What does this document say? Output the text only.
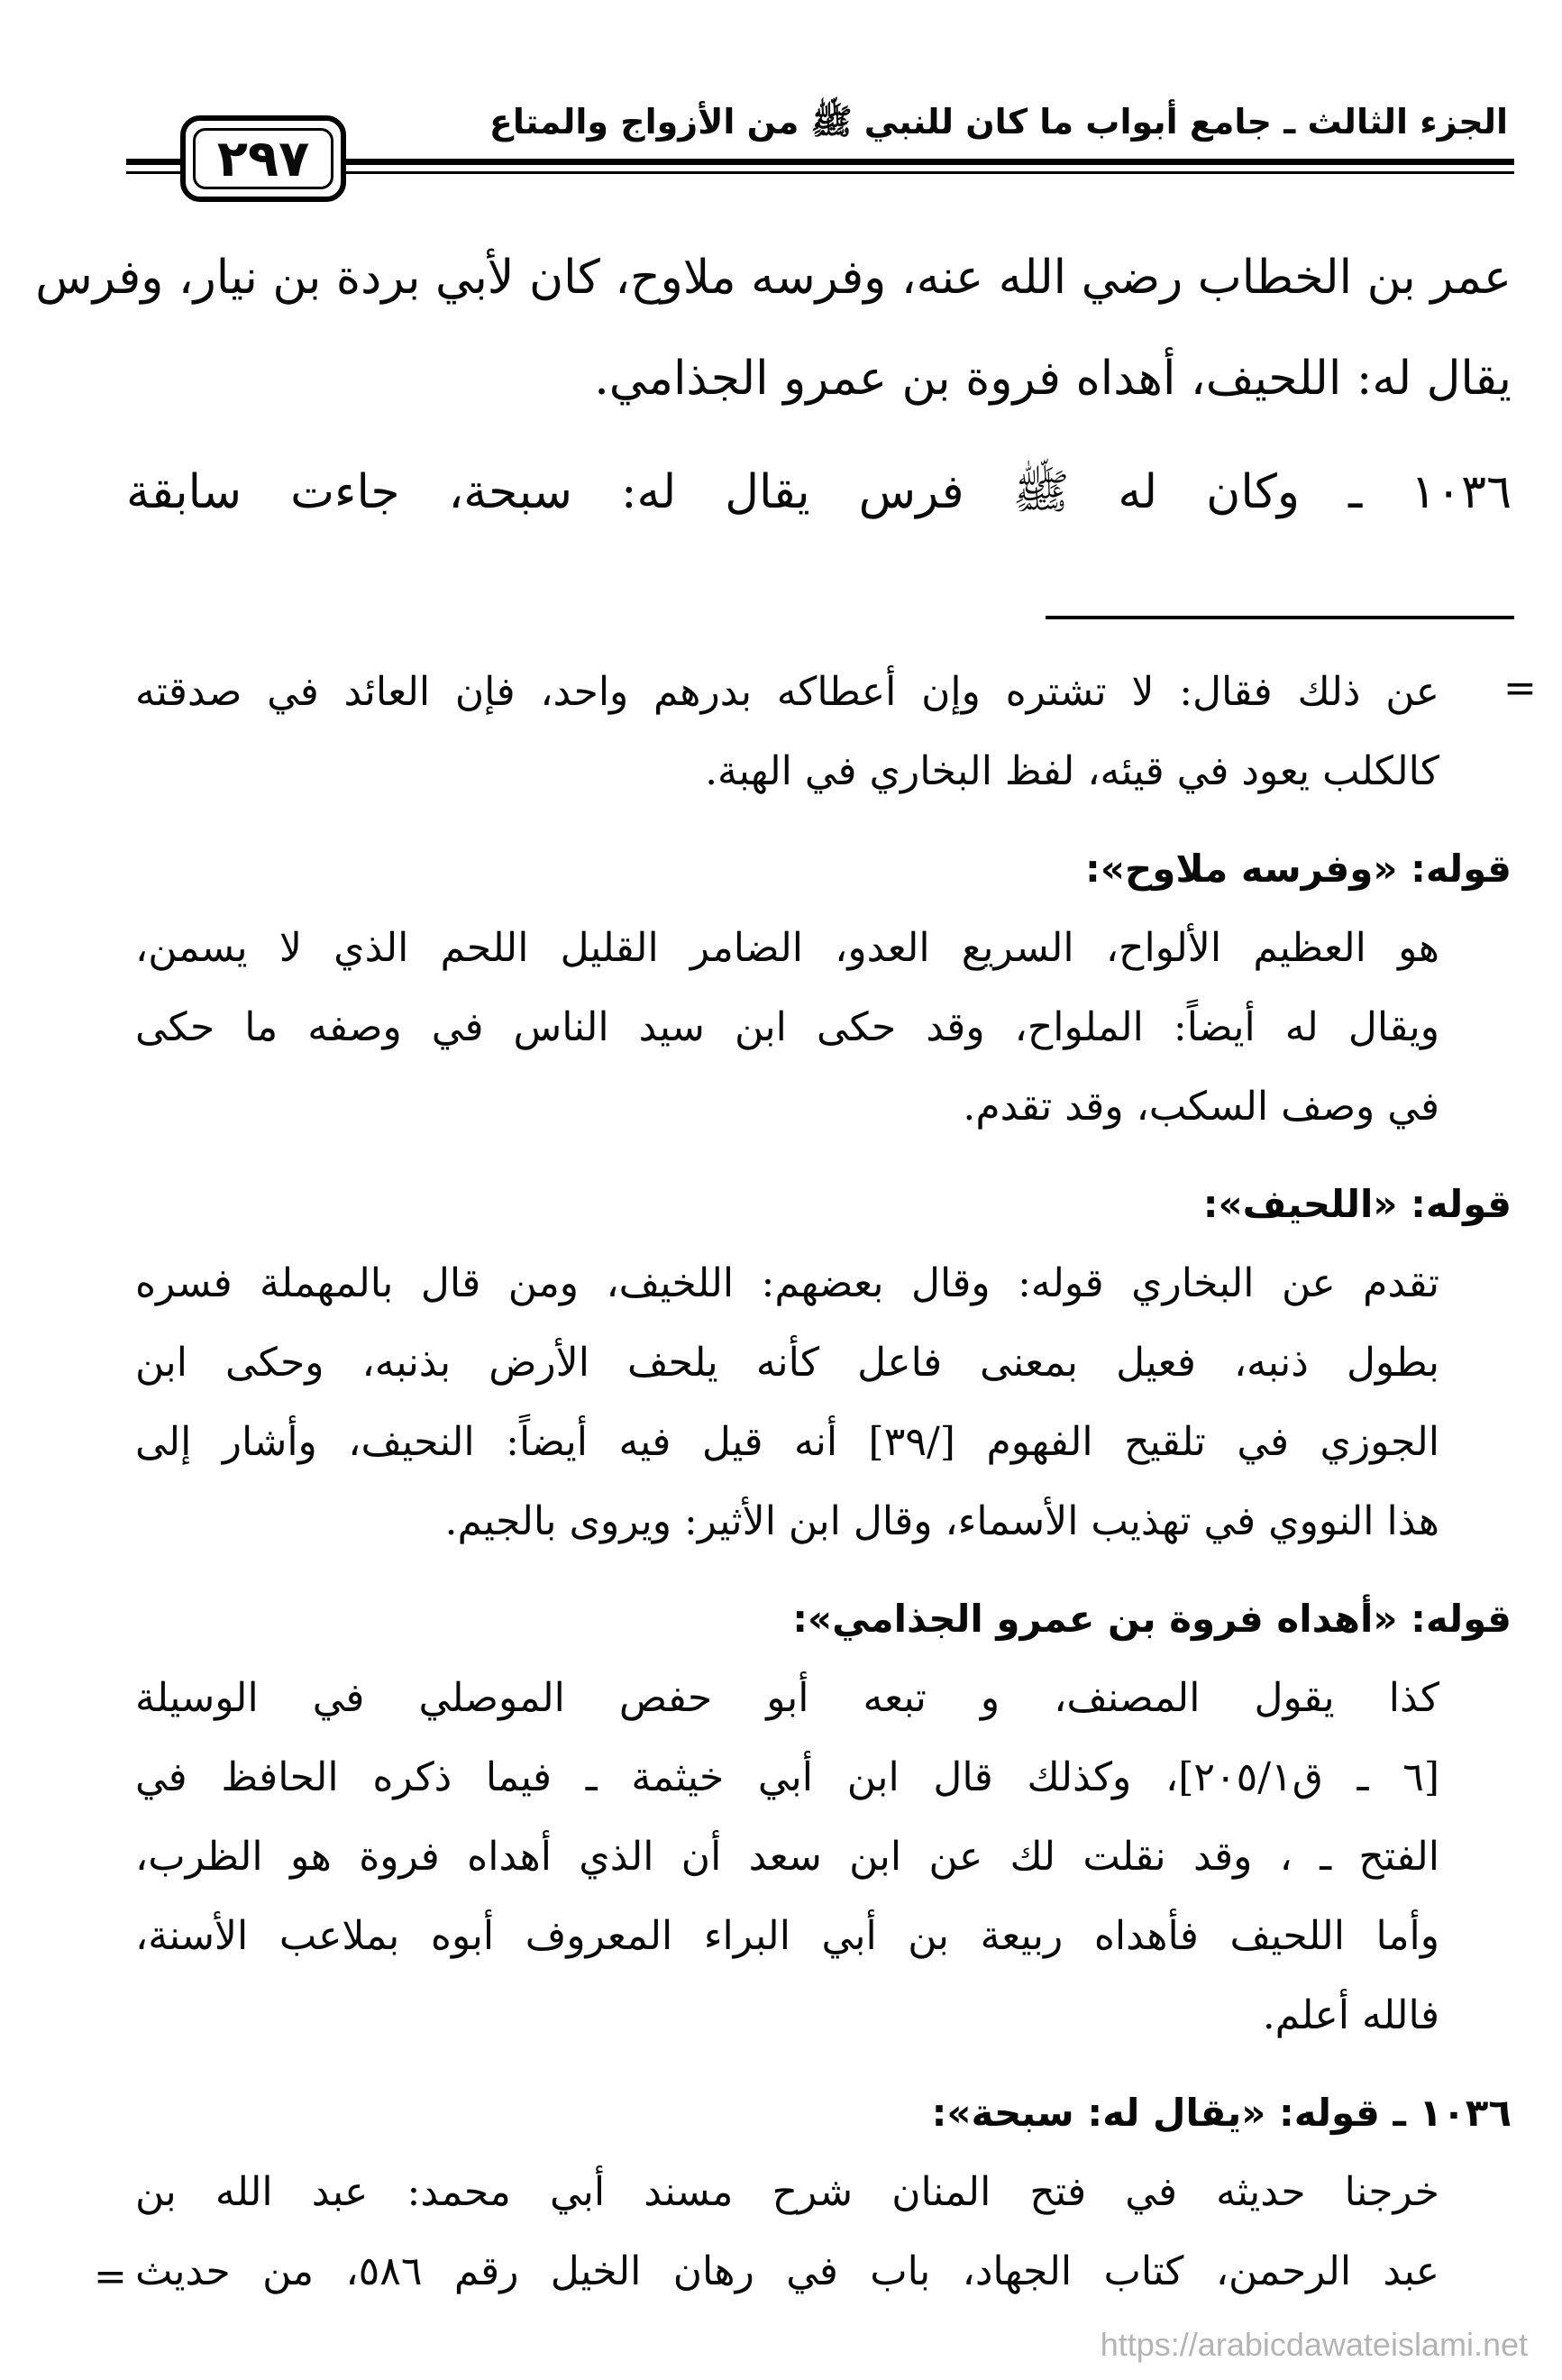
الجزء الثالث ـ جامع أبواب ما كان للنبي ﷺ من الأزواج والمتاع
٢٩٧
عمر بن الخطاب رضي الله عنه، وفرسه ملاوح، كان لأبي بردة بن نيار، وفرس
يقال له: اللحيف، أهداه فروة بن عمرو الجذامي.
١٠٣٦ ـ وكان له ﷺ فرس يقال له: سبحة، جاءت سابقة
=
عن ذلك فقال: لا تشتره وإن أعطاكه بدرهم واحد، فإن العائد في صدقته
كالكلب يعود في قيئه، لفظ البخاري في الهبة.
قوله: «وفرسه ملاوح»:
هو العظيم الألواح، السريع العدو، الضامر القليل اللحم الذي لا يسمن،
ويقال له أيضاً: الملواح، وقد حكى ابن سيد الناس في وصفه ما حكى
في وصف السكب، وقد تقدم.
قوله: «اللحيف»:
تقدم عن البخاري قوله: وقال بعضهم: اللخيف، ومن قال بالمهملة فسره
بطول ذنبه، فعيل بمعنى فاعل كأنه يلحف الأرض بذنبه، وحكى ابن
الجوزي في تلقيح الفهوم [/٣٩] أنه قيل فيه أيضاً: النحيف، وأشار إلى
هذا النووي في تهذيب الأسماء، وقال ابن الأثير: ويروى بالجيم.
قوله: «أهداه فروة بن عمرو الجذامي»:
كذا يقول المصنف، و تبعه أبو حفص الموصلي في الوسيلة
[٦ ـ ق٢٠٥/١]، وكذلك قال ابن أبي خيثمة ـ فيما ذكره الحافظ في
الفتح ـ ، وقد نقلت لك عن ابن سعد أن الذي أهداه فروة هو الظرب،
وأما اللحيف فأهداه ربيعة بن أبي البراء المعروف أبوه بملاعب الأسنة،
فالله أعلم.
١٠٣٦ ـ قوله: «يقال له: سبحة»:
خرجنا حديثه في فتح المنان شرح مسند أبي محمد: عبد الله بن
عبد الرحمن، كتاب الجهاد، باب في رهان الخيل رقم ٥٨٦، من حديث
=
https://arabicdawateislami.net
